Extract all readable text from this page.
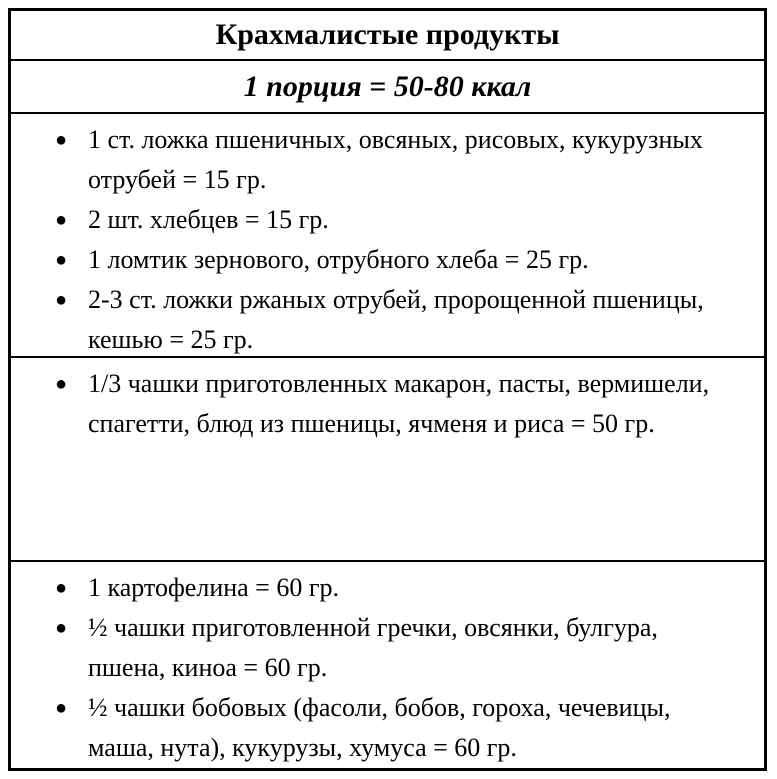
Крахмалистые продукты
1 порция = 50-80 ккал
● 1 ст. ложка пшеничных, овсяных, рисовых, кукурузных отрубей = 15 гр.
● 2 шт. хлебцев = 15 гр.
● 1 ломтик зернового, отрубного хлеба = 25 гр.
● 2-3 ст. ложки ржаных отрубей, пророщенной пшеницы, кешью = 25 гр.
● 1/3 чашки приготовленных макарон, пасты, вермишели, спагетти, блюд из пшеницы, ячменя и риса = 50 гр.
● 1 картофелина = 60 гр.
● ½ чашки приготовленной гречки, овсянки, булгура, пшена, киноа = 60 гр.
● ½ чашки бобовых (фасоли, бобов, гороха, чечевицы, маша, нута), кукурузы, хумуса = 60 гр.
